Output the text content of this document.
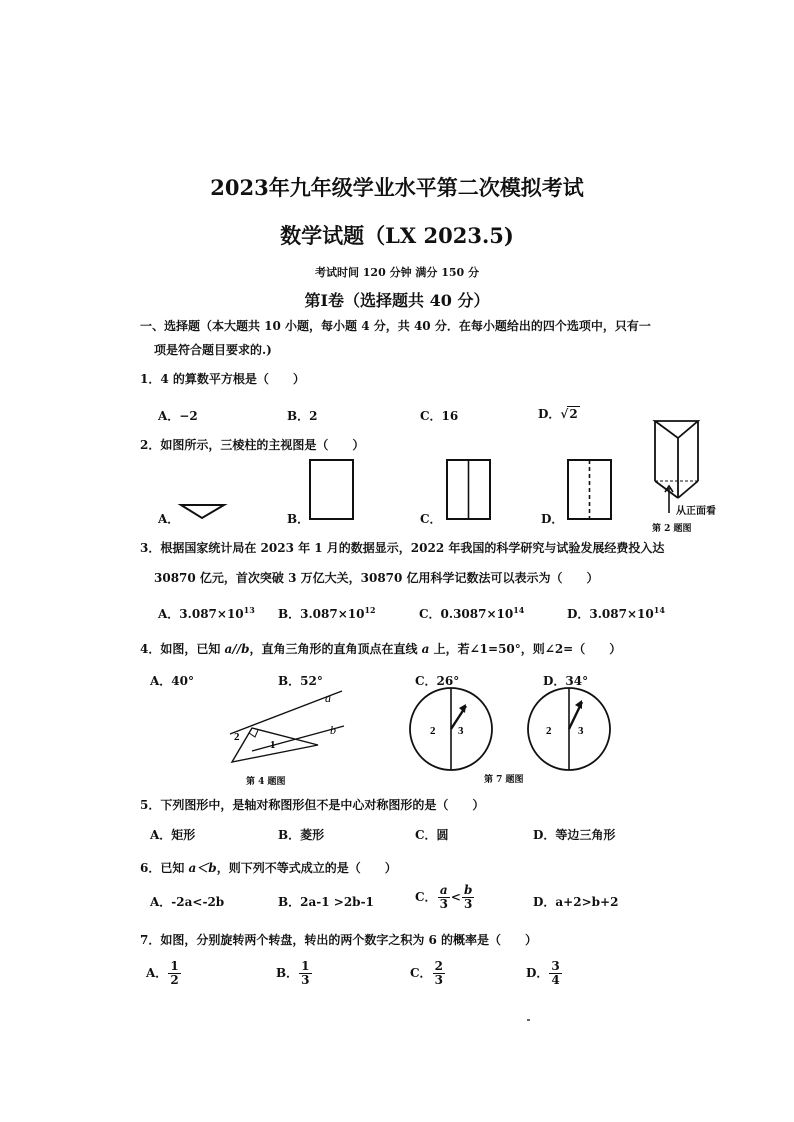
2023年九年级学业水平第二次模拟考试
数学试题（LX 2023.5)
考试时间 120 分钟 满分 150 分
第Ⅰ卷（选择题共 40 分）
一、选择题（本大题共 10 小题，每小题 4 分，共 40 分．在每小题给出的四个选项中，只有一
项是符合题目要求的.)
1．4 的算数平方根是（　　）
A．−2	B．2	C．16	D．√2
2．如图所示，三棱柱的主视图是（　　）
A．	B．	C．	D．
从正面看
第 2 题图
3．根据国家统计局在 2023 年 1 月的数据显示，2022 年我国的科学研究与试验发展经费投入达
30870 亿元，首次突破 3 万亿大关，30870 亿用科学记数法可以表示为（　　）
A．$3.087\times 10^{13}$ B．$3.087\times 10^{12}$	C．$0.3087\times 10^{14}$	D．$3.087\times 10^{14}$
4．如图，已知 a//b，直角三角形的直角顶点在直线 a 上，若∠1=50°，则∠2=（　　）
A．40°	B．52°	C．26°	D．34°
a
b
2
1
第 4 题图
2 3	2 3
第 7 题图
5．下列图形中，是轴对称图形但不是中心对称图形的是（　　）
A．矩形	B．菱形	C．圆	D．等边三角形
6．已知 a＜b，则下列不等式成立的是（　　）
A．-2a<-2b	B．2a-1 >2b-1	C． $\frac{a}{3} < \frac{b}{3}$	D．a+2>b+2
7．如图，分别旋转两个转盘，转出的两个数字之积为 6 的概率是（　　）
A． $\frac{1}{2}$	B． $\frac{1}{3}$	C． $\frac{2}{3}$	D． $\frac{3}{4}$
